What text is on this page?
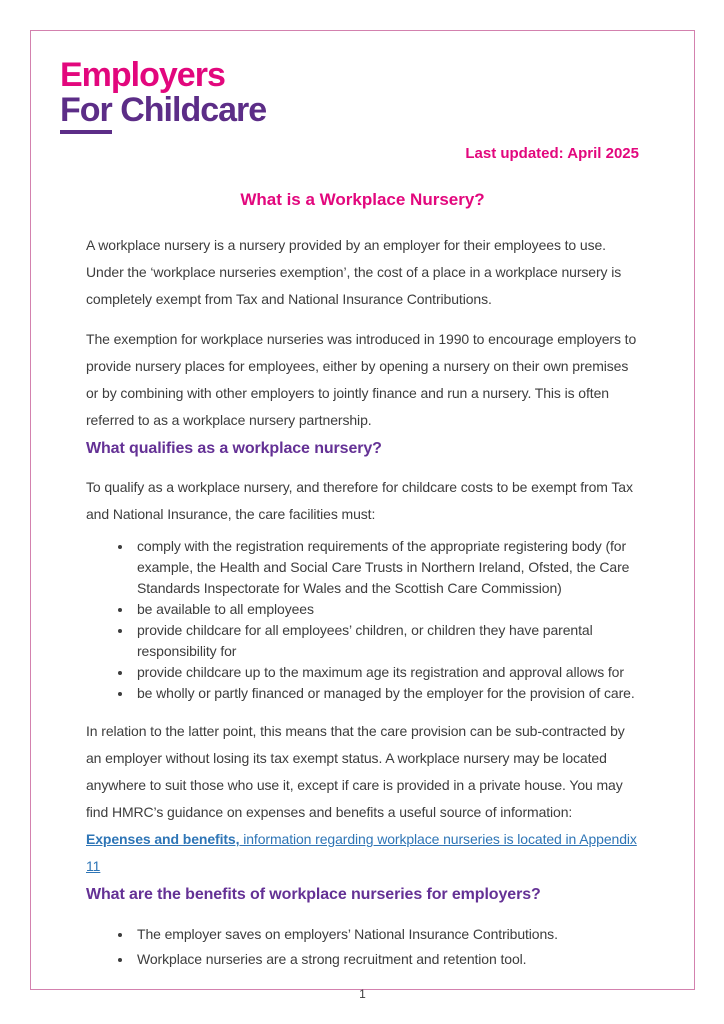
Employers
For Childcare
Last updated: April 2025
What is a Workplace Nursery?

A workplace nursery is a nursery provided by an employer for their employees to use. Under the ‘workplace nurseries exemption’, the cost of a place in a workplace nursery is completely exempt from Tax and National Insurance Contributions.

The exemption for workplace nurseries was introduced in 1990 to encourage employers to provide nursery places for employees, either by opening a nursery on their own premises or by combining with other employers to jointly finance and run a nursery. This is often referred to as a workplace nursery partnership.

What qualifies as a workplace nursery?

To qualify as a workplace nursery, and therefore for childcare costs to be exempt from Tax and National Insurance, the care facilities must:

• comply with the registration requirements of the appropriate registering body (for example, the Health and Social Care Trusts in Northern Ireland, Ofsted, the Care Standards Inspectorate for Wales and the Scottish Care Commission)
• be available to all employees
• provide childcare for all employees’ children, or children they have parental responsibility for
• provide childcare up to the maximum age its registration and approval allows for
• be wholly or partly financed or managed by the employer for the provision of care.

In relation to the latter point, this means that the care provision can be sub-contracted by an employer without losing its tax exempt status. A workplace nursery may be located anywhere to suit those who use it, except if care is provided in a private house. You may find HMRC’s guidance on expenses and benefits a useful source of information: Expenses and benefits, information regarding workplace nurseries is located in Appendix 11

What are the benefits of workplace nurseries for employers?
• The employer saves on employers’ National Insurance Contributions.
• Workplace nurseries are a strong recruitment and retention tool.
1
